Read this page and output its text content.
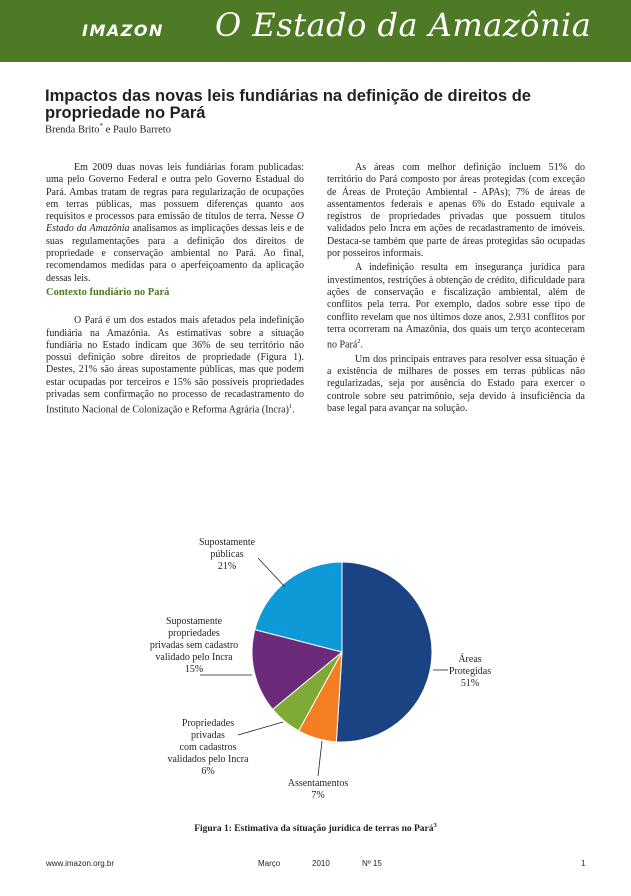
IMAZON O Estado da Amazônia
Impactos das novas leis fundiárias na definição de direitos de propriedade no Pará
Brenda Brito* e Paulo Barreto

Em 2009 duas novas leis fundiárias foram publicadas: uma pelo Governo Federal e outra pelo Governo Estadual do Pará. Ambas tratam de regras para regularização de ocupações em terras públicas, mas possuem diferenças quanto aos requisitos e processos para emissão de títulos de terra. Nesse O Estado da Amazônia analisamos as implicações dessas leis e de suas regulamentações para a definição dos direitos de propriedade e conservação ambiental no Pará. Ao final, recomendamos medidas para o aperfeiçoamento da aplicação dessas leis.

Contexto fundiário no Pará

O Pará é um dos estados mais afetados pela indefinição fundiária na Amazônia. As estimativas sobre a situação fundiária no Estado indicam que 36% de seu território não possui definição sobre direitos de propriedade (Figura 1). Destes, 21% são áreas supostamente públicas, mas que podem estar ocupadas por terceiros e 15% são possíveis propriedades privadas sem confirmação no processo de recadastramento do Instituto Nacional de Colonização e Reforma Agrária (Incra)$^1$.

As áreas com melhor definição incluem 51% do território do Pará composto por áreas protegidas (com exceção de Áreas de Proteção Ambiental - APAs); 7% de áreas de assentamentos federais e apenas 6% do Estado equivale a registros de propriedades privadas que possuem títulos validados pelo Incra em ações de recadastramento de imóveis. Destaca-se também que parte de áreas protegidas são ocupadas por posseiros informais.

A indefinição resulta em insegurança jurídica para investimentos, restrições à obtenção de crédito, dificuldade para ações de conservação e fiscalização ambiental, além de conflitos pela terra. Por exemplo, dados sobre esse tipo de conflito revelam que nos últimos doze anos, 2.931 conflitos por terra ocorreram na Amazônia, dos quais um terço aconteceram no Pará$^2$.

Um dos principais entraves para resolver essa situação é a existência de milhares de posses em terras públicas não regularizadas, seja por ausência do Estado para exercer o controle sobre seu patrimônio, seja devido à insuficiência da base legal para avançar na solução.

Áreas Protegidas 51%
Assentamentos 7%
Propriedades privadas com cadastros validados pelo Incra 6%
Supostamente propriedades privadas sem cadastro validado pelo Incra 15%
Supostamente públicas 21%
Figura 1: Estimativa da situação jurídica de terras no Pará$^3$
www.imazon.org.br	Março	2010	Nº 15	1
